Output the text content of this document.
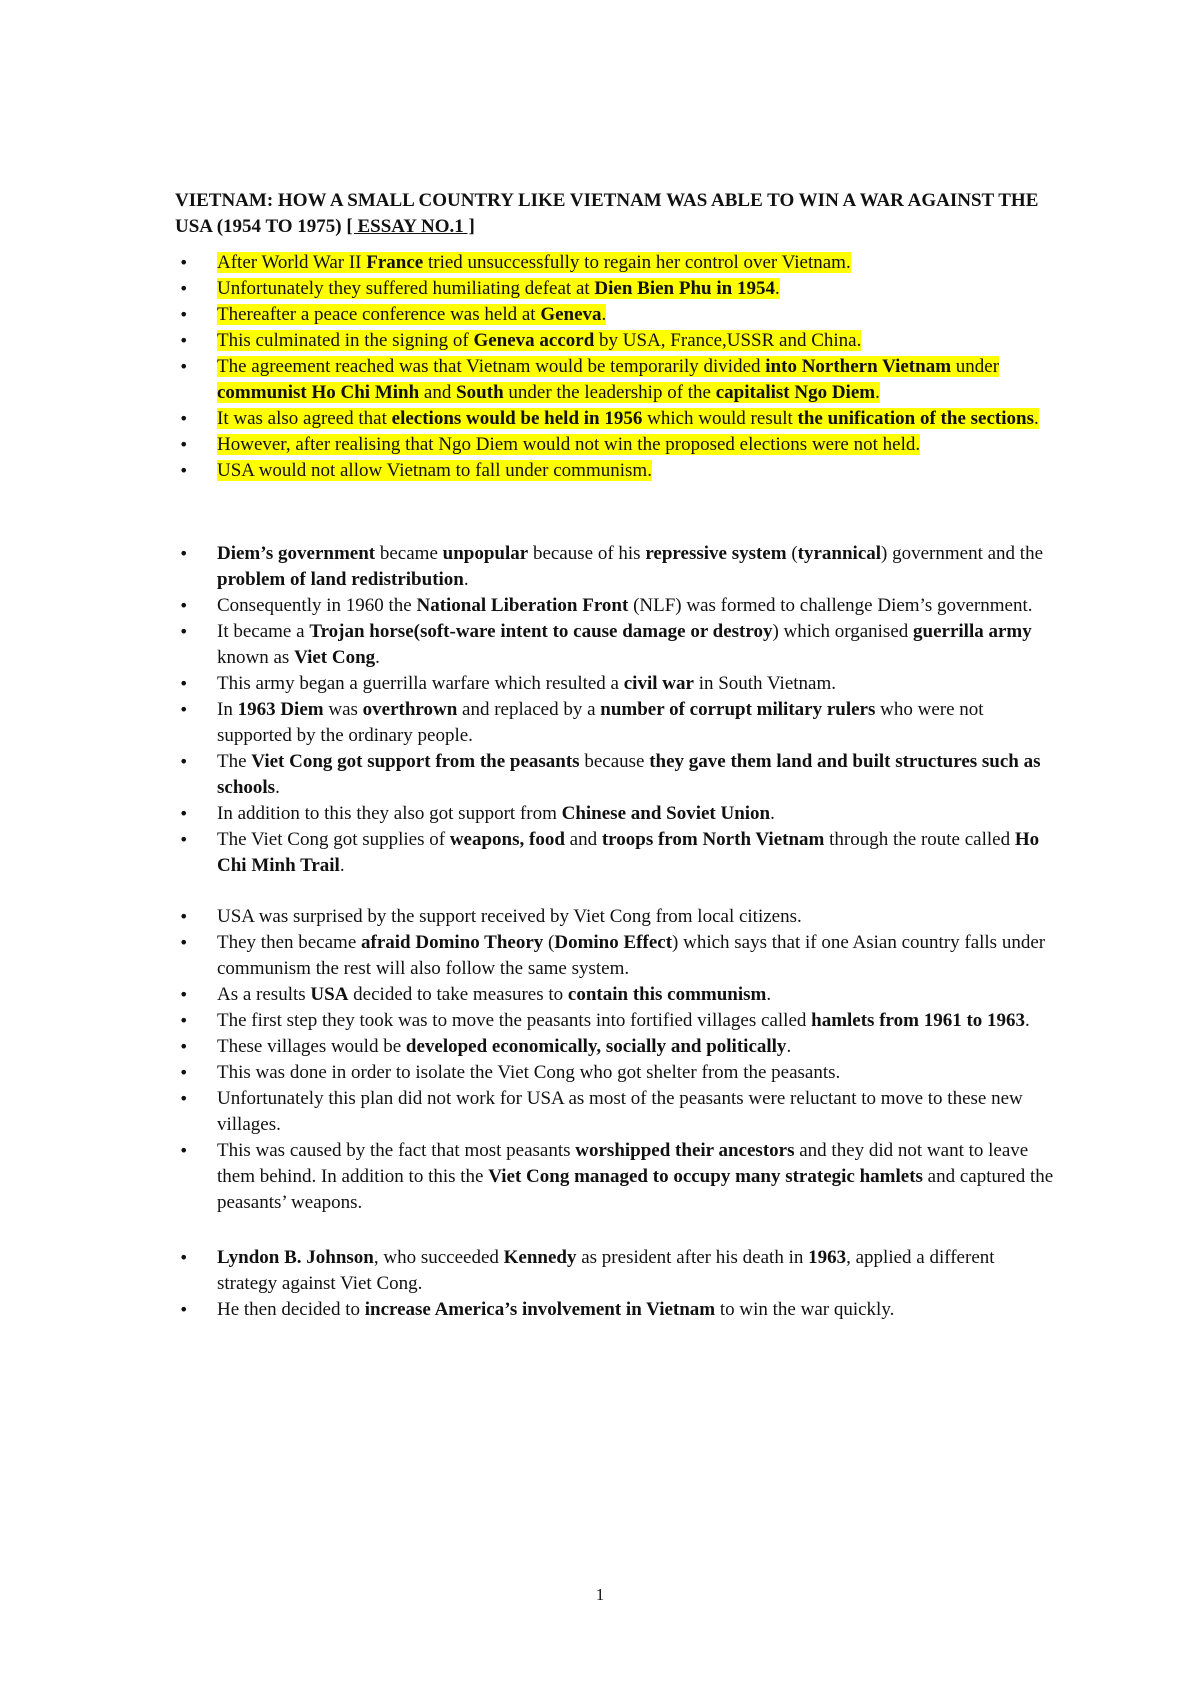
VIETNAM: HOW A SMALL COUNTRY LIKE VIETNAM WAS ABLE TO WIN A WAR AGAINST THE USA (1954 TO 1975) [ ESSAY NO.1 ]

• After World War II France tried unsuccessfully to regain her control over Vietnam.
• Unfortunately they suffered humiliating defeat at Dien Bien Phu in 1954.
• Thereafter a peace conference was held at Geneva.
• This culminated in the signing of Geneva accord by USA, France,USSR and China.
• The agreement reached was that Vietnam would be temporarily divided into Northern Vietnam under communist Ho Chi Minh and South under the leadership of the capitalist Ngo Diem.
• It was also agreed that elections would be held in 1956 which would result the unification of the sections.
• However, after realising that Ngo Diem would not win the proposed elections were not held.
• USA would not allow Vietnam to fall under communism.
• Diem’s government became unpopular because of his repressive system (tyrannical) government and the problem of land redistribution.
• Consequently in 1960 the National Liberation Front (NLF) was formed to challenge Diem’s government.
• It became a Trojan horse(soft-ware intent to cause damage or destroy) which organised guerrilla army known as Viet Cong.
• This army began a guerrilla warfare which resulted a civil war in South Vietnam.
• In 1963 Diem was overthrown and replaced by a number of corrupt military rulers who were not supported by the ordinary people.
• The Viet Cong got support from the peasants because they gave them land and built structures such as schools.
• In addition to this they also got support from Chinese and Soviet Union.
• The Viet Cong got supplies of weapons, food and troops from North Vietnam through the route called Ho Chi Minh Trail.
• USA was surprised by the support received by Viet Cong from local citizens.
• They then became afraid Domino Theory (Domino Effect) which says that if one Asian country falls under communism the rest will also follow the same system.
• As a results USA decided to take measures to contain this communism.
• The first step they took was to move the peasants into fortified villages called hamlets from 1961 to 1963.
• These villages would be developed economically, socially and politically.
• This was done in order to isolate the Viet Cong who got shelter from the peasants.
• Unfortunately this plan did not work for USA as most of the peasants were reluctant to move to these new villages.
• This was caused by the fact that most peasants worshipped their ancestors and they did not want to leave them behind. In addition to this the Viet Cong managed to occupy many strategic hamlets and captured the peasants’ weapons.
• Lyndon B. Johnson, who succeeded Kennedy as president after his death in 1963, applied a different strategy against Viet Cong.
• He then decided to increase America’s involvement in Vietnam to win the war quickly.

1
